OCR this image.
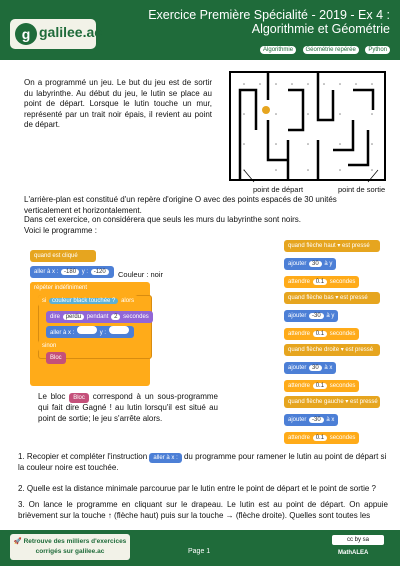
g galilee.ac
Exercice Première Spécialité - 2019 - Ex 4 : Algorithmie et Géométrie
Algorithmie Géométrie repérée Python
On a programmé un jeu. Le but du jeu est de sortir du labyrinthe. Au début du jeu, le lutin se place au point de départ. Lorsque le lutin touche un mur, représenté par un trait noir épais, il revient au point de départ.
point de départ	point de sortie
L'arrière-plan est constitué d'un repère d'origine O avec des points espacés de 30 unités verticalement et horizontalement.
Dans cet exercice, on considérera que seuls les murs du labyrinthe sont noirs.
Voici le programme :
quand est cliqué
aller à x : -180 y : -120	Couleur : noir
répéter indéfiniment
si couleur black touchée ? alors
dire perdu pendant 2 secondes
aller à x :	y :
sinon
Bloc
Le bloc Bloc correspond à un sous-programme qui fait dire Gagné ! au lutin lorsqu'il est situé au point de sortie; le jeu s'arrête alors.
quand flèche haut ▾ est pressé
ajouter 30 à y
attendre 0.1 secondes
quand flèche bas ▾ est pressé
ajouter -30 à y
attendre 0.1 secondes
quand flèche droite ▾ est pressé
ajouter 30 à x
attendre 0.1 secondes
quand flèche gauche ▾ est pressé
ajouter -30 à x
attendre 0.1 secondes
1. Recopier et compléter l'instruction aller à x : du programme pour ramener le lutin au point de départ si la couleur noire est touchée.
2. Quelle est la distance minimale parcourue par le lutin entre le point de départ et le point de sortie ?
3. On lance le programme en cliquant sur le drapeau. Le lutin est au point de départ. On appuie brièvement sur la touche ↑ (flèche haut) puis sur la touche → (flèche droite). Quelles sont toutes les
🚀 Retrouve des milliers d'exercices corrigés sur galilee.ac	Page 1
cc by sa
MathALEA
